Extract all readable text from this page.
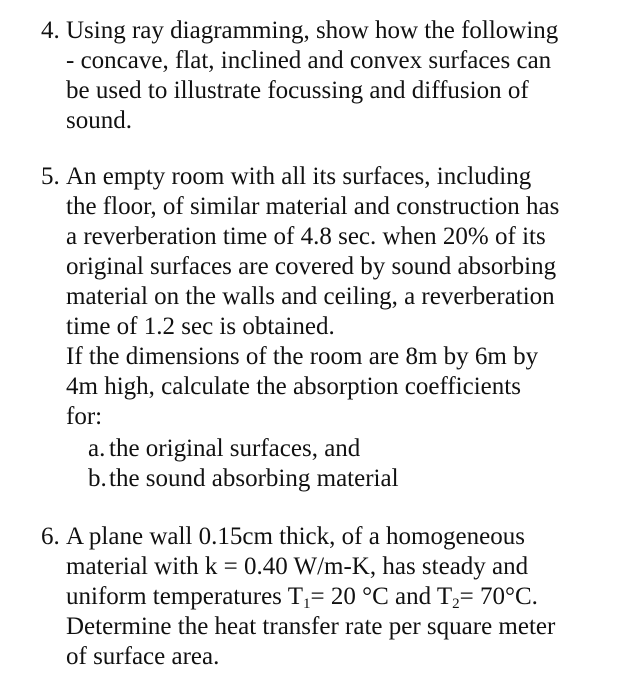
4. Using ray diagramming, show how the following
- concave, flat, inclined and convex surfaces can
be used to illustrate focussing and diffusion of
sound.
5. An empty room with all its surfaces, including
the floor, of similar material and construction has
a reverberation time of 4.8 sec. when 20% of its
original surfaces are covered by sound absorbing
material on the walls and ceiling, a reverberation
time of 1.2 sec is obtained.
If the dimensions of the room are 8m by 6m by
4m high, calculate the absorption coefficients
for:
a. the original surfaces, and
b. the sound absorbing material
6. A plane wall 0.15cm thick, of a homogeneous
material with k = 0.40 W/m-K, has steady and
uniform temperatures $T_1= 20$ °C and $T_2= 70^\circ C$.
Determine the heat transfer rate per square meter
of surface area.
